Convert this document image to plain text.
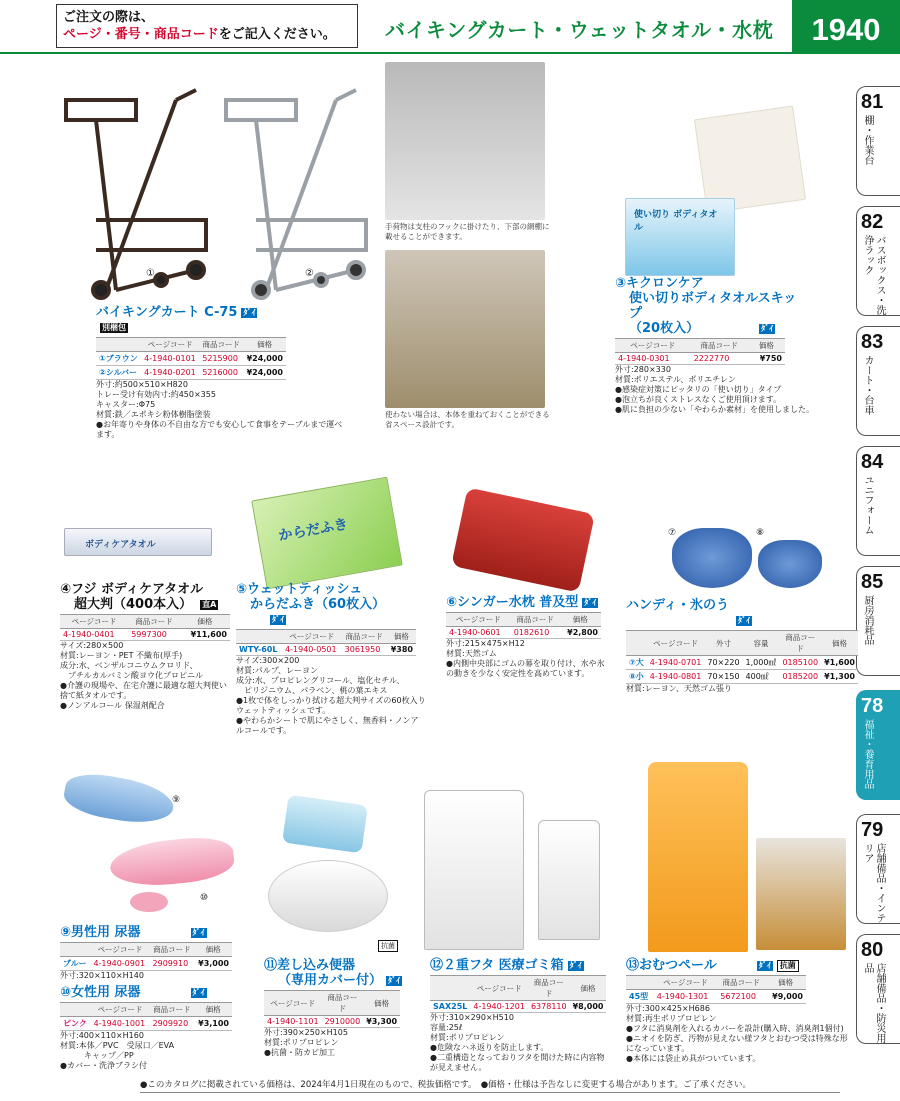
ご注文の際は、
ページ・番号・商品コードをご記入ください。	バイキングカート・ウェットタオル・水枕	1940
81
棚・作業台
82
バスボックス・洗浄ラック
83
カート・台車
84
ユニフォーム
85
厨房消耗品
78
福祉・養育用品
79
店舗備品・インテリア
80
店舗備品・防災用品
①	②
手荷物は支柱のフックに掛けたり、下部の網棚に載せることができます。
使わない場合は、本体を重ねておくことができる省スペース設計です。
バイキングカート C-75 ﾀﾞｲ別梱包
	ページコード	商品コード	価格
①ブラウン	4-1940-0101	5215900	¥24,000
②シルバー	4-1940-0201	5216000	¥24,000
外寸:約500×510×H820
トレー受け有効内寸:約450×355
キャスター:Φ75
材質:鉄／エポキシ粉体樹脂塗装
●お年寄りや身体の不自由な方でも安心して食事をテーブルまで運べます。
使い切り ボディタオル
③キクロンケア
使い切りボディタオルスキップ
（20枚入）	ﾀﾞｲ
ページコード	商品コード	価格
4-1940-0301	2222770	¥750
外寸:280×330
材質:ポリエステル、ポリエチレン
●感染症対策にピッタリの「使い切り」タイプ
●泡立ちが良くストレスなくご使用頂けます。
●肌に負担の少ない「やわらか素材」を使用しました。
ボディケアタオル
④フジ ボディケアタオル
超大判（400本入） 直A
ページコード	商品コード	価格
4-1940-0401	5997300	¥11,600
サイズ:280×500
材質:レーヨン・PET 不織布(厚手)
成分:水、ベンザルコニウムクロリド、
　プチルカルバミン酸ヨウ化プロピニル
●介護の現場や、在宅介護に最適な超大判使い捨て紙タオルです。
●ノンアルコール 保湿剤配合
からだふき
⑤ウェットティッシュ
からだふき（60枚入）ﾀﾞｲ
	ページコード	商品コード	価格
WTY-60L	4-1940-0501	3061950	¥380
サイズ:300×200
材質:パルプ、レーヨン
成分:水、プロピレングリコール、塩化セチル、
　ピリジニウム、パラベン、桃の葉エキス
●1枚で体をしっかり拭ける超大判サイズの60枚入りウェットティッシュです。
●やわらかシートで肌にやさしく、無香料・ノンアルコールです。
⑥シンガー水枕 普及型 ﾀﾞｲ
ページコード	商品コード	価格
4-1940-0601	0182610	¥2,800
外寸:215×475×H12
材質:天然ゴム
●内側中央部にゴムの幕を取り付け、水や氷の動きを少なく安定性を高めています。
⑦	⑧
ハンディ・氷のうﾀﾞｲ
	ページコード	外寸	容量	商品コード	価格
⑦大	4-1940-0701	70×220	1,000㎖	0185100	¥1,600
⑧小	4-1940-0801	70×150	400㎖	0185200	¥1,300
材質:レーヨン、天然ゴム張り
⑨
⑩
⑨男性用 尿器	ﾀﾞｲ
	ページコード	商品コード	価格
ブルー	4-1940-0901	2909910	¥3,000
外寸:320×110×H140
⑩女性用 尿器	ﾀﾞｲ
	ページコード	商品コード	価格
ピンク	4-1940-1001	2909920	¥3,100
外寸:400×110×H160
材質:本体／PVC　受尿口／EVA
　　　キャップ／PP
●カバー・洗浄ブラシ付
⑪差し込み便器
（専用カバー付） ﾀﾞｲ
ページコード	商品コード	価格
4-1940-1101	2910000	¥3,300
外寸:390×250×H105
材質:ポリプロピレン
●抗菌・防カビ加工
抗菌
⑫２重フタ 医療ゴミ箱 ﾀﾞｲ
	ページコード	商品コード	価格
SAX25L	4-1940-1201	6378110	¥8,000
外寸:310×290×H510
容量:25ℓ
材質:ポリプロピレン
●危険なハネ返りを防止します。
●二重構造となっておりフタを開けた時に内容物が見えません。
⑬おむつペール	ﾀﾞｲ 抗菌
	ページコード	商品コード	価格
45型	4-1940-1301	5672100	¥9,000
外寸:300×425×H686
材質:再生ポリプロピレン
●フタに消臭剤を入れるカバーを設計(購入時、消臭剤1個付)
●ニオイを防ぎ、汚物が見えない様フタとおむつ受は特殊な形になっています。
●本体には袋止め具がついています。
●このカタログに掲載されている価格は、2024年4月1日現在のもので、税抜価格です。　●価格・仕様は予告なしに変更する場合があります。ご了承ください。
